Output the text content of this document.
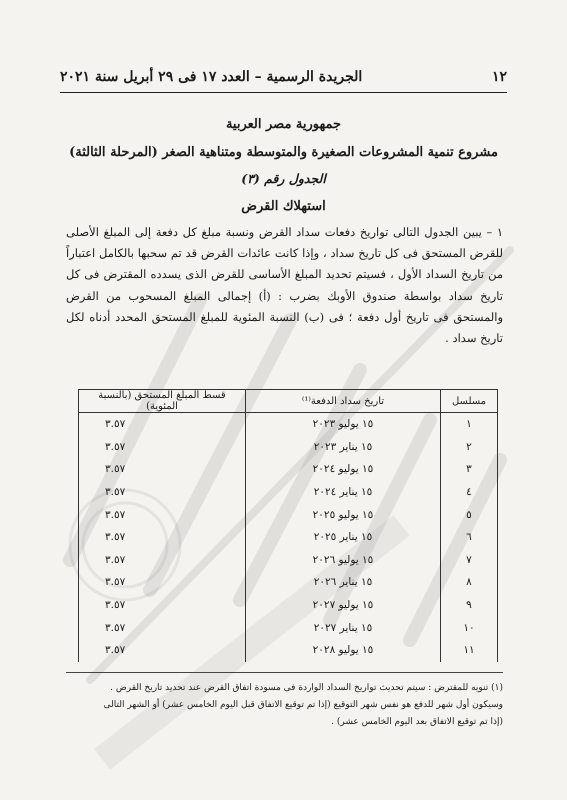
١٢
الجريدة الرسمية – العدد ١٧ فى ٢٩ أبريل سنة ٢٠٢١
جمهورية مصر العربية
مشروع تنمية المشروعات الصغيرة والمتوسطة ومتناهية الصغر (المرحلة الثالثة)
الجدول رقم (٣)
استهلاك القرض
١ – يبين الجدول التالى تواريخ دفعات سداد القرض ونسبة مبلغ كل دفعة إلى المبلغ الأصلى للقرض المستحق فى كل تاريخ سداد ، وإذا كانت عائدات القرض قد تم سحبها بالكامل اعتباراً من تاريخ السداد الأول ، فسيتم تحديد المبلغ الأساسى للقرض الذى يسدده المقترض فى كل تاريخ سداد بواسطة صندوق الأوبك بضرب : (أ) إجمالى المبلغ المسحوب من القرض والمستحق فى تاريخ أول دفعة ؛ فى (ب) النسبة المئوية للمبلغ المستحق المحدد أدناه لكل تاريخ سداد .
مسلسل	تاريخ سداد الدفعة⁽¹⁾	قسط المبلغ المستحق (بالنسبة المئوية)
١	١٥ يوليو ٢٠٢٣	٣.٥٧
٢	١٥ يناير ٢٠٢٣	٣.٥٧
٣	١٥ يوليو ٢٠٢٤	٣.٥٧
٤	١٥ يناير ٢٠٢٤	٣.٥٧
٥	١٥ يوليو ٢٠٢٥	٣.٥٧
٦	١٥ يناير ٢٠٢٥	٣.٥٧
٧	١٥ يوليو ٢٠٢٦	٣.٥٧
٨	١٥ يناير ٢٠٢٦	٣.٥٧
٩	١٥ يوليو ٢٠٢٧	٣.٥٧
١٠	١٥ يناير ٢٠٢٧	٣.٥٧
١١	١٥ يوليو ٢٠٢٨	٣.٥٧

(١) تنويه للمقترض : سيتم تحديث تواريخ السداد الواردة فى مسودة اتفاق القرض عند تحديد تاريخ القرض .

وسيكون أول شهر للدفع هو نفس شهر التوقيع (إذا تم توقيع الاتفاق قبل اليوم الخامس عشر) أو الشهر التالى

(إذا تم توقيع الاتفاق بعد اليوم الخامس عشر) .
